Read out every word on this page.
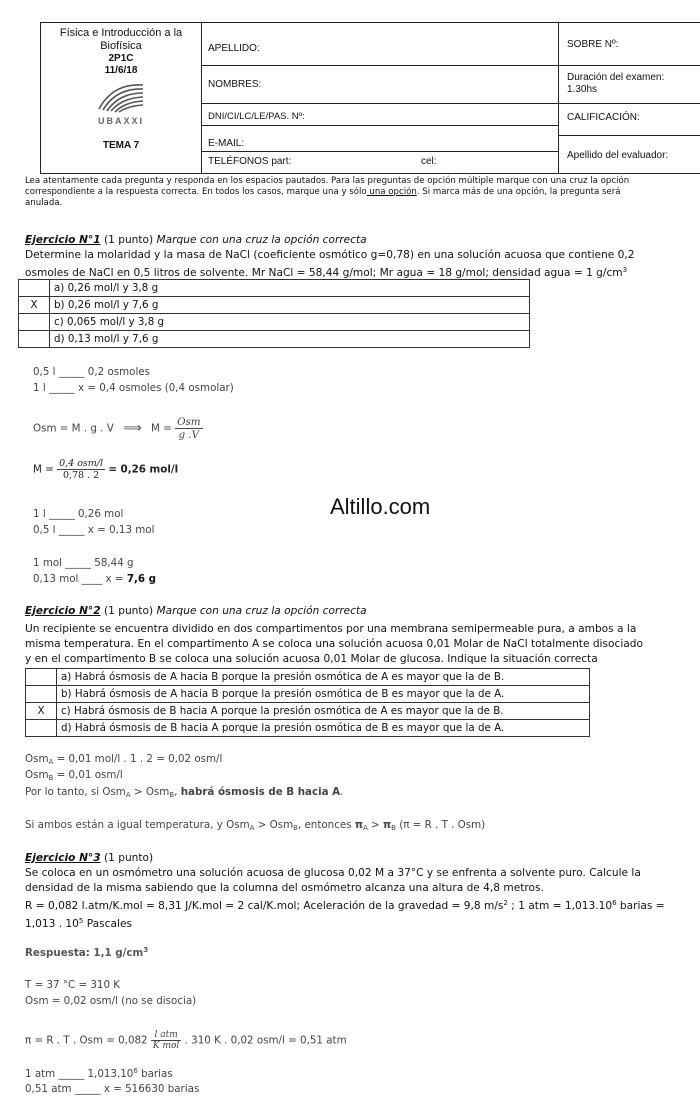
Física e Introducción a la
Biofísica
2P1C
11/6/18
UBAXXI
TEMA 7
APELLIDO:
NOMBRES:
DNI/CI/LC/LE/PAS. Nº:
E-MAIL:
TELÉFONOS part:	cel:
SOBRE Nº:
Duración del examen:
1.30hs
CALIFICACIÓN:
Apellido del evaluador:
Lea atentamente cada pregunta y responda en los espacios pautados. Para las preguntas de opción múltiple marque con una cruz la opción
correspondiente a la respuesta correcta. En todos los casos, marque una y sólo una opción. Si marca más de una opción, la pregunta será
anulada.
Ejercicio N°1 (1 punto) Marque con una cruz la opción correcta
Determine la molaridad y la masa de NaCl (coeficiente osmótico g=0,78) en una solución acuosa que contiene 0,2
osmoles de NaCl en 0,5 litros de solvente. Mr NaCl = 58,44 g/mol; Mr agua = 18 g/mol; densidad agua = 1 $g/cm^3$
	a) 0,26 mol/l y 3,8 g
X	b) 0,26 mol/l y 7,6 g
	c) 0,065 mol/l y 3,8 g
	d) 0,13 mol/l y 7,6 g
0,5 l _____ 0,2 osmoles
1 l _____ x = 0,4 osmoles (0,4 osmolar)
Osm = M . g . V ⟹ $M = \frac{\text{Osm}}{g .V}$
$M = \frac{\text{0,4 osm/l}}{0,78 . 2} = 0,26$ mol/l
1 l _____ 0,26 mol
0,5 l _____ x = 0,13 mol
1 mol _____ 58,44 g
0,13 mol ____ x = 7,6 g
Altillo.com
Ejercicio N°2 (1 punto) Marque con una cruz la opción correcta
Un recipiente se encuentra dividido en dos compartimentos por una membrana semipermeable pura, a ambos a la
misma temperatura. En el compartimento A se coloca una solución acuosa 0,01 Molar de NaCl totalmente disociado
y en el compartimento B se coloca una solución acuosa 0,01 Molar de glucosa. Indique la situación correcta
	a) Habrá ósmosis de A hacia B porque la presión osmótica de A es mayor que la de B.
	b) Habrá ósmosis de A hacia B porque la presión osmótica de B es mayor que la de A.
X	c) Habrá ósmosis de B hacia A porque la presión osmótica de A es mayor que la de B.
	d) Habrá ósmosis de B hacia A porque la presión osmótica de B es mayor que la de A.
Osm$_A$ = 0,01 mol/l . 1 . 2 = 0,02 osm/l
Osm$_B$ = 0,01 osm/l
Por lo tanto, si Osm$_A$ > Osm$_B$, habrá ósmosis de B hacia A.
Si ambos están a igual temperatura, y Osm$_A$ > Osm$_B$, entonces $\pi_A > \pi_B$ (π = R . T . Osm)
Ejercicio N°3 (1 punto)
Se coloca en un osmómetro una solución acuosa de glucosa 0,02 M a 37°C y se enfrenta a solvente puro. Calcule la
densidad de la misma sabiendo que la columna del osmómetro alcanza una altura de 4,8 metros.
R = 0,082 l.atm/K.mol = 8,31 J/K.mol = 2 cal/K.mol; Aceleración de la gravedad = 9,8 $m/s^2$ ; 1 atm = $1,013.10^6$ barias =
1,013 . $10^5$ Pascales
Respuesta: 1,1 $g/cm^3$
T = 37 °C = 310 K
Osm = 0,02 osm/l (no se disocia)
π = R . T . Osm = $0,082 \frac{\text{l atm}}{\text{K mol}}$ . 310 K . 0,02 osm/l = 0,51 atm
1 atm _____ 1,013.10$^6$ barias
0,51 atm _____ x = 516630 barias
